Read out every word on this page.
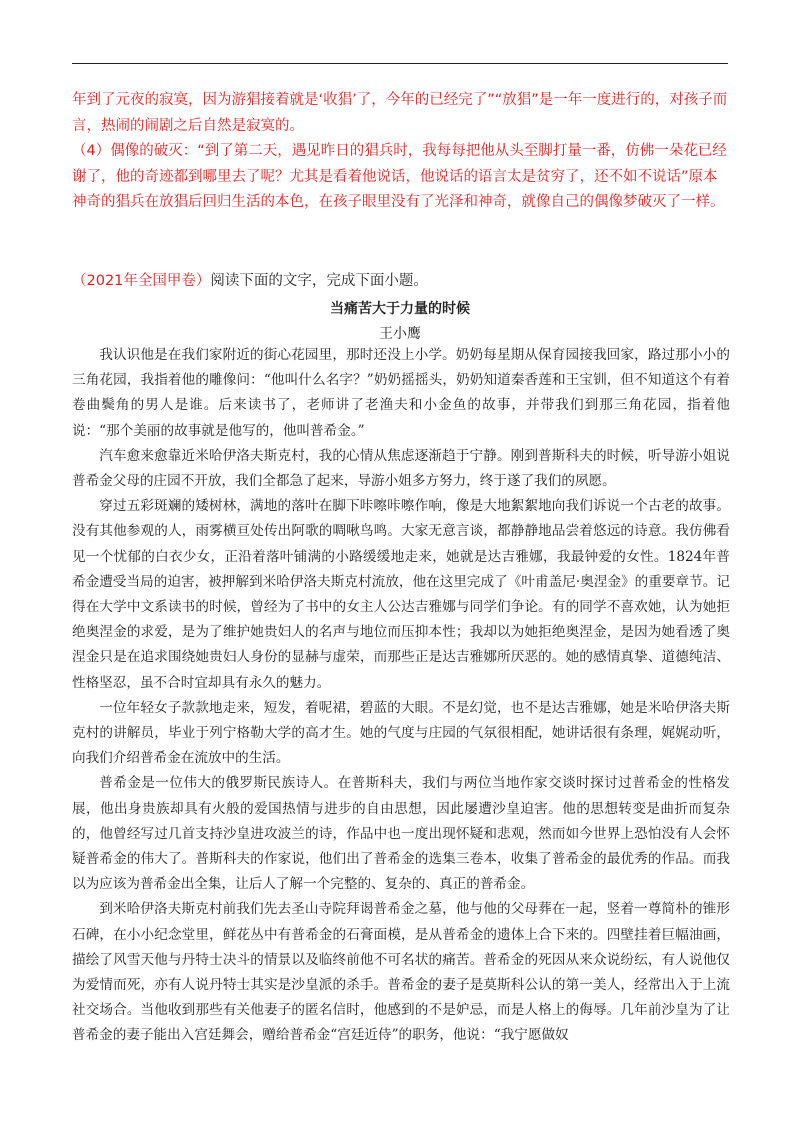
年到了元夜的寂寞，因为游猖接着就是‘收猖’了，今年的已经完了”“放猖”是一年一度进行的，对孩子而言，热闹的闹剧之后自然是寂寞的。

（4）偶像的破灭：“到了第二天，遇见昨日的猖兵时，我每每把他从头至脚打量一番，仿佛一朵花已经谢了，他的奇迹都到哪里去了呢？尤其是看着他说话，他说话的语言太是贫穷了，还不如不说话”原本神奇的猖兵在放猖后回归生活的本色，在孩子眼里没有了光泽和神奇，就像自己的偶像梦破灭了一样。

（2021年全国甲卷）阅读下面的文字，完成下面小题。
当痛苦大于力量的时候
王小鹰

我认识他是在我们家附近的街心花园里，那时还没上小学。奶奶每星期从保育园接我回家，路过那小小的三角花园，我指着他的雕像问：“他叫什么名字？”奶奶摇摇头，奶奶知道秦香莲和王宝钏，但不知道这个有着卷曲鬓角的男人是谁。后来读书了，老师讲了老渔夫和小金鱼的故事，并带我们到那三角花园，指着他说：“那个美丽的故事就是他写的，他叫普希金。”

汽车愈来愈靠近米哈伊洛夫斯克村，我的心情从焦虑逐渐趋于宁静。刚到普斯科夫的时候，听导游小姐说普希金父母的庄园不开放，我们全都急了起来，导游小姐多方努力，终于遂了我们的夙愿。

穿过五彩斑斓的矮树林，满地的落叶在脚下咔嚓咔嚓作响，像是大地絮絮地向我们诉说一个古老的故事。没有其他参观的人，雨雾横亘处传出阿歌的啁啾鸟鸣。大家无意言谈，都静静地品尝着悠远的诗意。我仿佛看见一个忧郁的白衣少女，正沿着落叶铺满的小路缓缓地走来，她就是达吉雅娜，我最钟爱的女性。1824年普希金遭受当局的迫害，被押解到米哈伊洛夫斯克村流放，他在这里完成了《叶甫盖尼·奥涅金》的重要章节。记得在大学中文系读书的时候，曾经为了书中的女主人公达吉雅娜与同学们争论。有的同学不喜欢她，认为她拒绝奥涅金的求爱，是为了维护她贵妇人的名声与地位而压抑本性；我却以为她拒绝奥涅金，是因为她看透了奥涅金只是在追求围绕她贵妇人身份的显赫与虚荣，而那些正是达吉雅娜所厌恶的。她的感情真挚、道德纯洁、性格坚忍，虽不合时宜却具有永久的魅力。

一位年轻女子款款地走来，短发，着呢裙，碧蓝的大眼。不是幻觉，也不是达吉雅娜，她是米哈伊洛夫斯克村的讲解员，毕业于列宁格勒大学的高才生。她的气度与庄园的气氛很相配，她讲话很有条理，娓娓动听，向我们介绍普希金在流放中的生活。

普希金是一位伟大的俄罗斯民族诗人。在普斯科夫，我们与两位当地作家交谈时探讨过普希金的性格发展，他出身贵族却具有火般的爱国热情与进步的自由思想，因此屡遭沙皇迫害。他的思想转变是曲折而复杂的，他曾经写过几首支持沙皇进攻波兰的诗，作品中也一度出现怀疑和悲观，然而如今世界上恐怕没有人会怀疑普希金的伟大了。普斯科夫的作家说，他们出了普希金的选集三卷本，收集了普希金的最优秀的作品。而我以为应该为普希金出全集，让后人了解一个完整的、复杂的、真正的普希金。

到米哈伊洛夫斯克村前我们先去圣山寺院拜谒普希金之墓，他与他的父母葬在一起，竖着一尊简朴的锥形石碑，在小小纪念堂里，鲜花丛中有普希金的石膏面模，是从普希金的遗体上合下来的。四壁挂着巨幅油画，描绘了风雪天他与丹特士决斗的情景以及临终前他不可名状的痛苦。普希金的死因从来众说纷纭，有人说他仅为爱情而死，亦有人说丹特士其实是沙皇派的杀手。普希金的妻子是莫斯科公认的第一美人，经常出入于上流社交场合。当他收到那些有关他妻子的匿名信时，他感到的不是妒忌，而是人格上的侮辱。几年前沙皇为了让普希金的妻子能出入宫廷舞会，赠给普希金“宫廷近侍”的职务，他说：“我宁愿做奴
